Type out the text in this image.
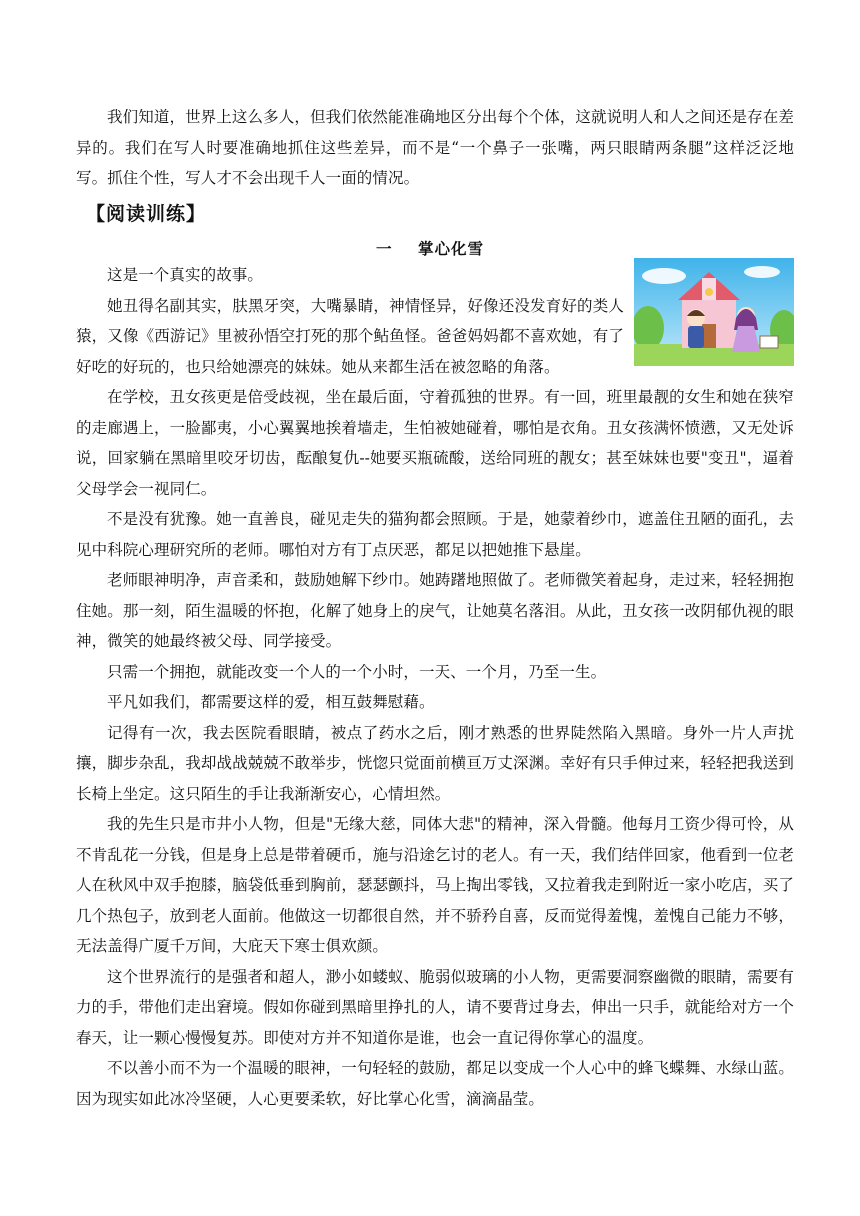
我们知道，世界上这么多人，但我们依然能准确地区分出每个个体，这就说明人和人之间还是存在差异的。我们在写人时要准确地抓住这些差异，而不是“一个鼻子一张嘴，两只眼睛两条腿”这样泛泛地写。抓住个性，写人才不会出现千人一面的情况。

【阅读训练】
一    掌心化雪

这是一个真实的故事。

她丑得名副其实，肤黑牙突，大嘴暴睛，神情怪异，好像还没发育好的类人猿，又像《西游记》里被孙悟空打死的那个鲇鱼怪。爸爸妈妈都不喜欢她，有了好吃的好玩的，也只给她漂亮的妹妹。她从来都生活在被忽略的角落。

在学校，丑女孩更是倍受歧视，坐在最后面，守着孤独的世界。有一回，班里最靓的女生和她在狭窄的走廊遇上，一脸鄙夷，小心翼翼地挨着墙走，生怕被她碰着，哪怕是衣角。丑女孩满怀愤懑，又无处诉说，回家躺在黑暗里咬牙切齿，酝酿复仇--她要买瓶硫酸，送给同班的靓女；甚至妹妹也要"变丑"，逼着父母学会一视同仁。

不是没有犹豫。她一直善良，碰见走失的猫狗都会照顾。于是，她蒙着纱巾，遮盖住丑陋的面孔，去见中科院心理研究所的老师。哪怕对方有丁点厌恶，都足以把她推下悬崖。

老师眼神明净，声音柔和，鼓励她解下纱巾。她踌躇地照做了。老师微笑着起身，走过来，轻轻拥抱住她。那一刻，陌生温暖的怀抱，化解了她身上的戾气，让她莫名落泪。从此，丑女孩一改阴郁仇视的眼神，微笑的她最终被父母、同学接受。

只需一个拥抱，就能改变一个人的一个小时，一天、一个月，乃至一生。

平凡如我们，都需要这样的爱，相互鼓舞慰藉。

记得有一次，我去医院看眼睛，被点了药水之后，刚才熟悉的世界陡然陷入黑暗。身外一片人声扰攘，脚步杂乱，我却战战兢兢不敢举步，恍惚只觉面前横亘万丈深渊。幸好有只手伸过来，轻轻把我送到长椅上坐定。这只陌生的手让我渐渐安心，心情坦然。

我的先生只是市井小人物，但是"无缘大慈，同体大悲"的精神，深入骨髓。他每月工资少得可怜，从不肯乱花一分钱，但是身上总是带着硬币，施与沿途乞讨的老人。有一天，我们结伴回家，他看到一位老人在秋风中双手抱膝，脑袋低垂到胸前，瑟瑟颤抖，马上掏出零钱，又拉着我走到附近一家小吃店，买了几个热包子，放到老人面前。他做这一切都很自然，并不骄矜自喜，反而觉得羞愧，羞愧自己能力不够，无法盖得广厦千万间，大庇天下寒士俱欢颜。

这个世界流行的是强者和超人，渺小如蝼蚁、脆弱似玻璃的小人物，更需要洞察幽微的眼睛，需要有力的手，带他们走出窘境。假如你碰到黑暗里挣扎的人，请不要背过身去，伸出一只手，就能给对方一个春天，让一颗心慢慢复苏。即使对方并不知道你是谁，也会一直记得你掌心的温度。

不以善小而不为一个温暖的眼神，一句轻轻的鼓励，都足以变成一个人心中的蜂飞蝶舞、水绿山蓝。因为现实如此冰冷坚硬，人心更要柔软，好比掌心化雪，滴滴晶莹。
